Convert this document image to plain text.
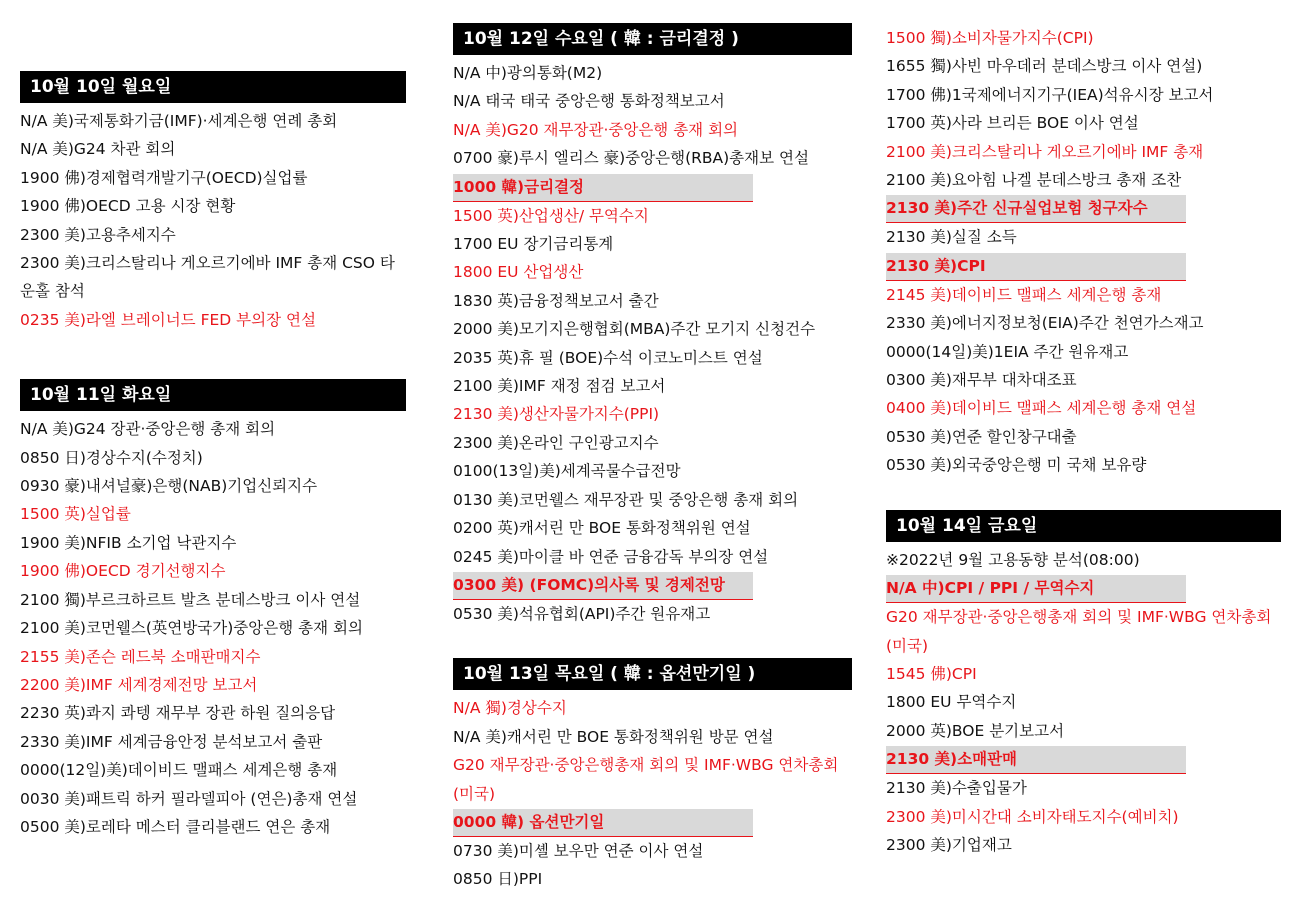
10월 10일 월요일
N/A 美)국제통화기금(IMF)·세계은행 연례 총회
N/A 美)G24 차관 회의
1900 佛)경제협력개발기구(OECD)실업률
1900 佛)OECD 고용 시장 현황
2300 美)고용추세지수
2300 美)크리스탈리나 게오르기에바 IMF 총재 CSO 타운홀 참석
0235 美)라엘 브레이너드 FED 부의장 연설
10월 11일 화요일
N/A 美)G24 장관·중앙은행 총재 회의
0850 日)경상수지(수정치)
0930 豪)내셔널豪)은행(NAB)기업신뢰지수
1500 英)실업률
1900 美)NFIB 소기업 낙관지수
1900 佛)OECD 경기선행지수
2100 獨)부르크하르트 발츠 분데스방크 이사 연설
2100 美)코먼웰스(英연방국가)중앙은행 총재 회의
2155 美)존슨 레드북 소매판매지수
2200 美)IMF 세계경제전망 보고서
2230 英)콰지 콰텡 재무부 장관 하원 질의응답
2330 美)IMF 세계금융안정 분석보고서 출판
0000(12일)美)데이비드 맬패스 세계은행 총재
0030 美)패트릭 하커 필라델피아 (연은)총재 연설
0500 美)로레타 메스터 클리블랜드 연은 총재
10월 12일 수요일 ( 韓 : 금리결정 )
N/A 中)광의통화(M2)
N/A 태국 태국 중앙은행 통화정책보고서
N/A 美)G20 재무장관·중앙은행 총재 회의
0700 豪)루시 엘리스 豪)중앙은행(RBA)총재보 연설
1000 韓)금리결정
1500 英)산업생산/ 무역수지
1700 EU 장기금리통계
1800 EU 산업생산
1830 英)금융정책보고서 출간
2000 美)모기지은행협회(MBA)주간 모기지 신청건수
2035 英)휴 필 (BOE)수석 이코노미스트 연설
2100 美)IMF 재정 점검 보고서
2130 美)생산자물가지수(PPI)
2300 美)온라인 구인광고지수
0100(13일)美)세계곡물수급전망
0130 美)코먼웰스 재무장관 및 중앙은행 총재 회의
0200 英)캐서린 만 BOE 통화정책위원 연설
0245 美)마이클 바 연준 금융감독 부의장 연설
0300 美) (FOMC)의사록 및 경제전망
0530 美)석유협회(API)주간 원유재고
10월 13일 목요일 ( 韓 : 옵션만기일 )
N/A 獨)경상수지
N/A 美)캐서린 만 BOE 통화정책위원 방문 연설
G20 재무장관·중앙은행총재 회의 및 IMF·WBG 연차총회(미국)
0000 韓) 옵션만기일
0730 美)미셸 보우만 연준 이사 연설
0850 日)PPI
1500 獨)소비자물가지수(CPI)
1655 獨)사빈 마우데러 분데스방크 이사 연설)
1700 佛)1국제에너지기구(IEA)석유시장 보고서
1700 英)사라 브리든 BOE 이사 연설
2100 美)크리스탈리나 게오르기에바 IMF 총재
2100 美)요아힘 나겔 분데스방크 총재 조찬
2130 美)주간 신규실업보험 청구자수
2130 美)실질 소득
2130 美)CPI
2145 美)데이비드 맬패스 세계은행 총재
2330 美)에너지정보청(EIA)주간 천연가스재고
0000(14일)美)1EIA 주간 원유재고
0300 美)재무부 대차대조표
0400 美)데이비드 맬패스 세계은행 총재 연설
0530 美)연준 할인창구대출
0530 美)외국중앙은행 미 국채 보유량
10월 14일 금요일
※2022년 9월 고용동향 분석(08:00)
N/A 中)CPI / PPI / 무역수지
G20 재무장관·중앙은행총재 회의 및 IMF·WBG 연차총회(미국)
1545 佛)CPI
1800 EU 무역수지
2000 英)BOE 분기보고서
2130 美)소매판매
2130 美)수출입물가
2300 美)미시간대 소비자태도지수(예비치)
2300 美)기업재고
